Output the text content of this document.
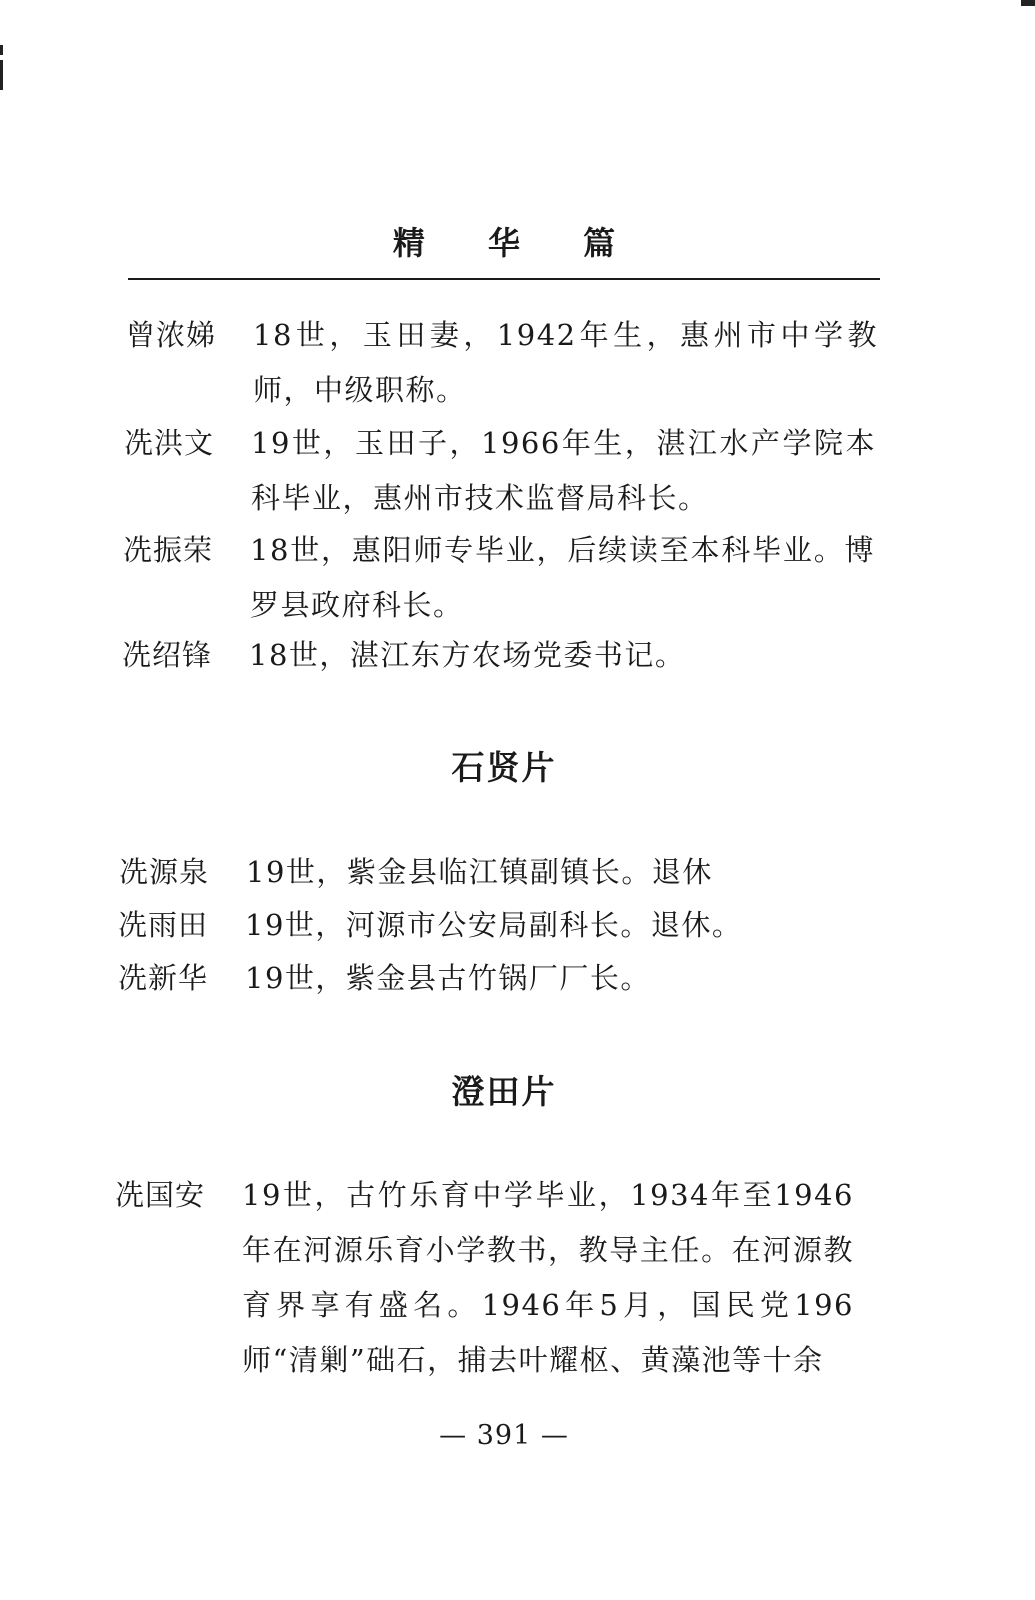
精 华 篇
曾浓娣 18世，玉田妻，1942年生，惠州市中学教师，中级职称。
冼洪文 19世，玉田子，1966年生，湛江水产学院本科毕业，惠州市技术监督局科长。
冼振荣 18世，惠阳师专毕业，后续读至本科毕业。博罗县政府科长。
冼绍锋 18世，湛江东方农场党委书记。
石贤片
冼源泉 19世，紫金县临江镇副镇长。退休
冼雨田 19世，河源市公安局副科长。退休。
冼新华 19世，紫金县古竹锅厂厂长。
澄田片
冼国安 19世，古竹乐育中学毕业，1934年至1946年在河源乐育小学教书，教导主任。在河源教育界享有盛名。1946年5月，国民党196师“清剿”础石，捕去叶耀枢、黄藻池等十余
— 391 —
